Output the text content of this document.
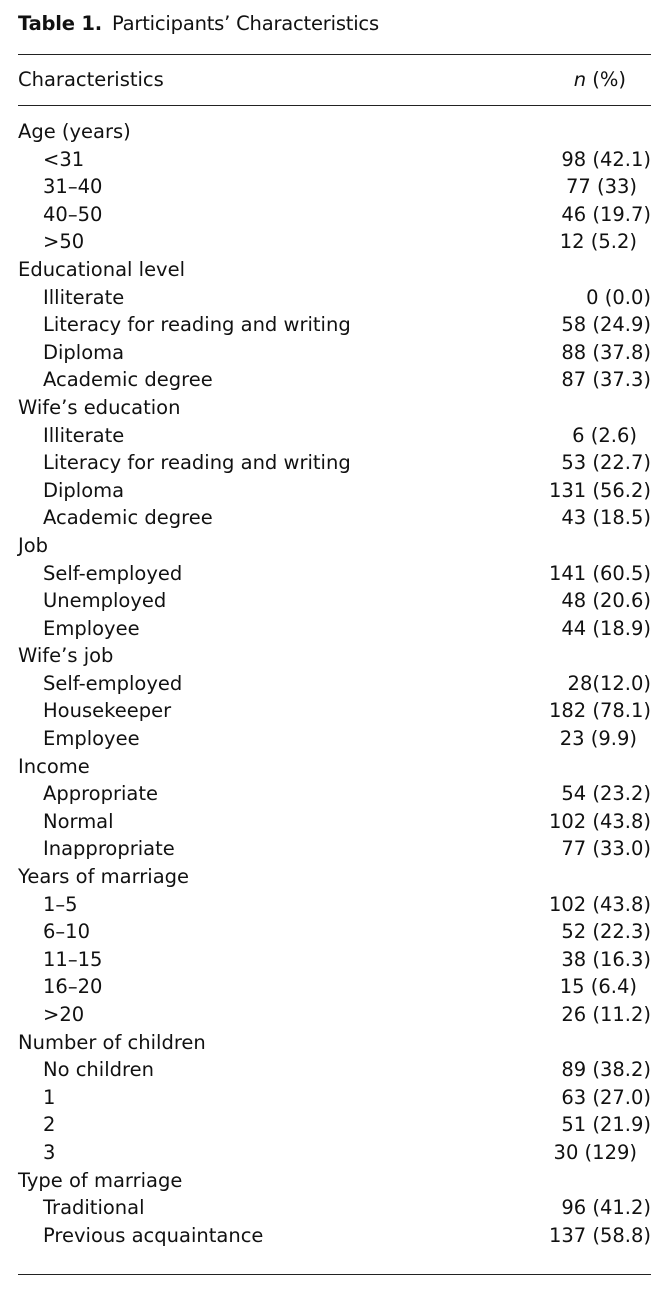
Table 1. Participants’ Characteristics
Characteristics	n (%)
Age (years)
<31	98 (42.1)
31–40	77 (33)
40–50	46 (19.7)
>50	12 (5.2)
Educational level
Illiterate	0 (0.0)
Literacy for reading and writing	58 (24.9)
Diploma	88 (37.8)
Academic degree	87 (37.3)
Wife’s education
Illiterate	6 (2.6)
Literacy for reading and writing	53 (22.7)
Diploma	131 (56.2)
Academic degree	43 (18.5)
Job
Self-employed	141 (60.5)
Unemployed	48 (20.6)
Employee	44 (18.9)
Wife’s job
Self-employed	28(12.0)
Housekeeper	182 (78.1)
Employee	23 (9.9)
Income
Appropriate	54 (23.2)
Normal	102 (43.8)
Inappropriate	77 (33.0)
Years of marriage
1–5	102 (43.8)
6–10	52 (22.3)
11–15	38 (16.3)
16–20	15 (6.4)
>20	26 (11.2)
Number of children
No children	89 (38.2)
1	63 (27.0)
2	51 (21.9)
3	30 (129)
Type of marriage
Traditional	96 (41.2)
Previous acquaintance	137 (58.8)
